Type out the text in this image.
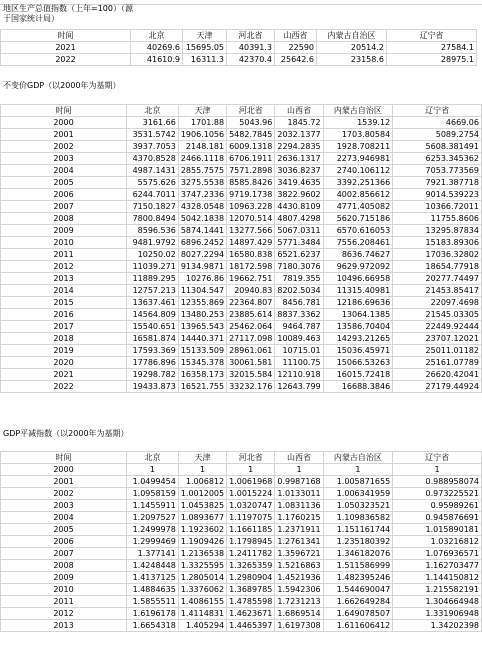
地区生产总值指数（上年=100）（源于国家统计局）
时间	北京	天津	河北省	山西省	内蒙古自治区	辽宁省
2021	40269.6	15695.05	40391.3	22590	20514.2	27584.1
2022	41610.9	16311.3	42370.4	25642.6	23158.6	28975.1
不变价GDP（以2000年为基期）
时间	北京	天津	河北省	山西省	内蒙古自治区	辽宁省
2000	3161.66	1701.88	5043.96	1845.72	1539.12	4669.06
2001	3531.5742	1906.1056	5482.7845	2032.1377	1703.80584	5089.2754
2002	3937.7053	2148.181	6009.1318	2294.2835	1928.708211	5608.381491
2003	4370.8528	2466.1118	6706.1911	2636.1317	2273.946981	6253.345362
2004	4987.1431	2855.7575	7571.2898	3036.8237	2740.106112	7053.773569
2005	5575.626	3275.5538	8585.8426	3419.4635	3392.251366	7921.387718
2006	6244.7011	3747.2336	9719.1738	3822.9602	4002.856612	9014.539223
2007	7150.1827	4328.0548	10963.228	4430.8109	4771.405082	10366.72011
2008	7800.8494	5042.1838	12070.514	4807.4298	5620.715186	11755.8606
2009	8596.536	5874.1441	13277.566	5067.0311	6570.616053	13295.87834
2010	9481.9792	6896.2452	14897.429	5771.3484	7556.208461	15183.89306
2011	10250.02	8027.2294	16580.838	6521.6237	8636.74627	17036.32802
2012	11039.271	9134.9871	18172.598	7180.3076	9629.972092	18654.77918
2013	11889.295	10276.86	19662.751	7819.355	10496.66958	20277.74497
2014	12757.213	11304.547	20940.83	8202.5034	11315.40981	21453.85417
2015	13637.461	12355.869	22364.807	8456.781	12186.69636	22097.4698
2016	14564.809	13480.253	23885.614	8837.3362	13064.1385	21545.03305
2017	15540.651	13965.543	25462.064	9464.787	13586.70404	22449.92444
2018	16581.874	14440.371	27117.098	10089.463	14293.21265	23707.12021
2019	17593.369	15133.509	28961.061	10715.01	15036.45971	25011.01182
2020	17786.896	15345.378	30061.581	11100.75	15066.53263	25161.07789
2021	19298.782	16358.173	32015.584	12110.918	16015.72418	26620.42041
2022	19433.873	16521.755	33232.176	12643.799	16688.3846	27179.44924
GDP平减指数（以2000年为基期）
时间	北京	天津	河北省	山西省	内蒙古自治区	辽宁省
2000	1	1	1	1	1	1
2001	1.0499454	1.006812	1.0061968	0.9987168	1.005871655	0.988958074
2002	1.0958159	1.0012005	1.0015224	1.0133011	1.006341959	0.973225521
2003	1.1455911	1.0453825	1.0320747	1.0831136	1.050323521	0.95989261
2004	1.2097527	1.0893677	1.1197075	1.1760215	1.109836582	0.945876691
2005	1.2499978	1.1923602	1.1661185	1.2371911	1.151161744	1.015890181
2006	1.2999469	1.1909426	1.1798945	1.2761341	1.235180392	1.03216812
2007	1.377141	1.2136538	1.2411782	1.3596721	1.346182076	1.076936571
2008	1.4248448	1.3325595	1.3265359	1.5216863	1.511586999	1.162703477
2009	1.4137125	1.2805014	1.2980904	1.4521936	1.482395246	1.144150812
2010	1.4884635	1.3376062	1.3689785	1.5942306	1.544690047	1.215582191
2011	1.5855511	1.4086155	1.4785598	1.7231213	1.662649284	1.304664948
2012	1.6196178	1.4114831	1.4623671	1.6869514	1.649078507	1.331906948
2013	1.6654318	1.405294	1.4465397	1.6197308	1.611606412	1.34202398
